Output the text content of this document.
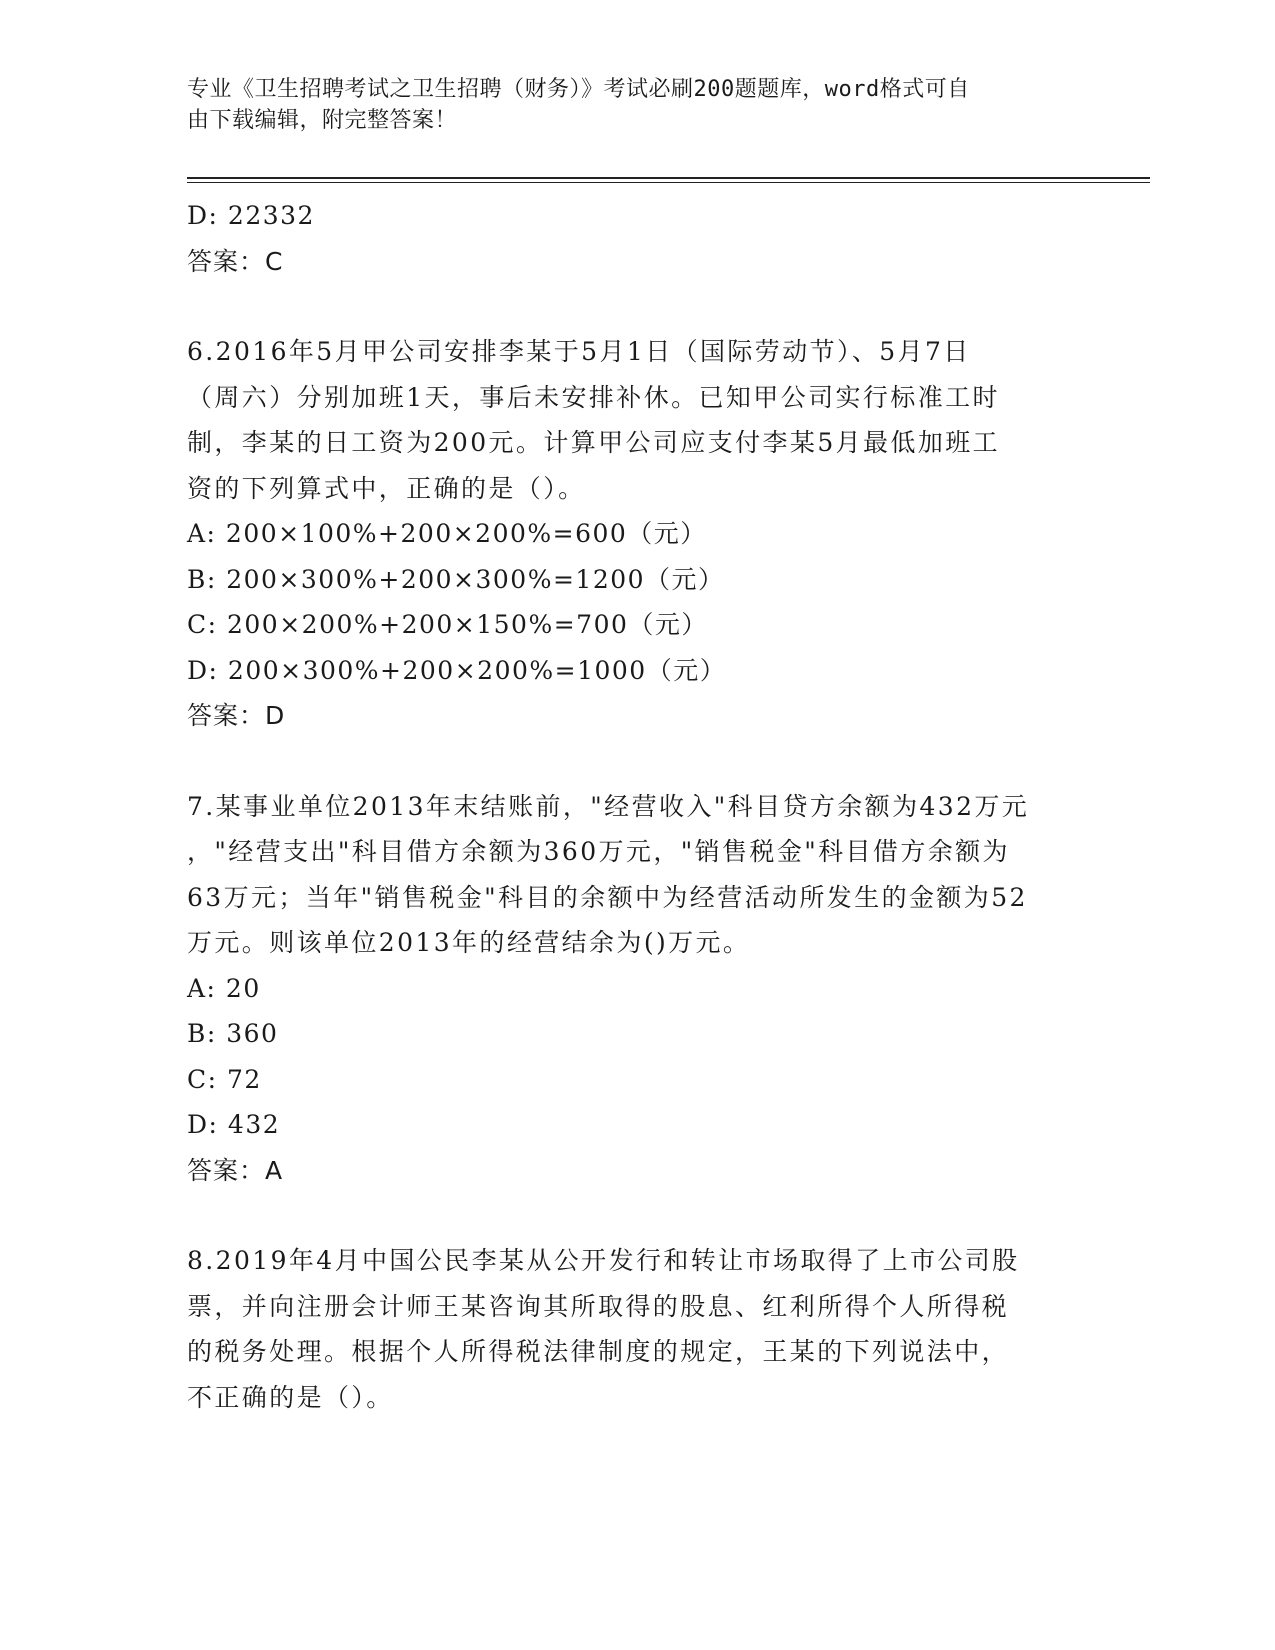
专业《卫生招聘考试之卫生招聘（财务）》考试必刷200题题库，word格式可自
由下载编辑，附完整答案！
D: 22332
答案：C
6.2016年5月甲公司安排李某于5月1日（国际劳动节）、5月7日
（周六）分别加班1天，事后未安排补休。已知甲公司实行标准工时
制，李某的日工资为200元。计算甲公司应支付李某5月最低加班工
资的下列算式中，正确的是（）。
A: 200×100%+200×200%=600（元）
B: 200×300%+200×300%=1200（元）
C: 200×200%+200×150%=700（元）
D: 200×300%+200×200%=1000（元）
答案：D
7.某事业单位2013年末结账前，"经营收入"科目贷方余额为432万元
，"经营支出"科目借方余额为360万元，"销售税金"科目借方余额为
63万元；当年"销售税金"科目的余额中为经营活动所发生的金额为52
万元。则该单位2013年的经营结余为()万元。
A: 20
B: 360
C: 72
D: 432
答案：A
8.2019年4月中国公民李某从公开发行和转让市场取得了上市公司股
票，并向注册会计师王某咨询其所取得的股息、红利所得个人所得税
的税务处理。根据个人所得税法律制度的规定，王某的下列说法中，
不正确的是（）。
